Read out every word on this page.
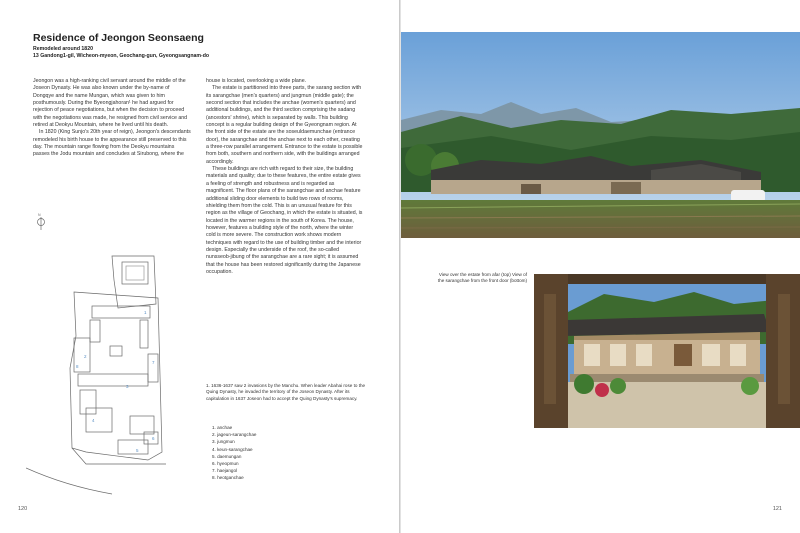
Residence of Jeongon Seonsaeng
Remodeled around 1820
13 Gandong1-gil, Wicheon-myeon, Geochang-gun, Gyeongsangnam-do

Jeongon was a high-ranking civil servant around the middle of the Joseon Dynasty. He was also known under the by-name of Dongqye and the name Mungan, which was given to him posthumously. During the Byeongjahoran¹ he had argued for rejection of peace negotiations, but when the decision to proceed with the negotiations was made, he resigned from civil service and retired at Deokyu Mountain, where he lived until his death.

In 1820 (King Sunjo's 20th year of reign), Jeongon's descendants remodeled his birth house to the appearance still preserved to this day. The mountain range flowing from the Deokyu mountains passes the Jodu mountain and concludes at Sirubong, where the

house is located, overlooking a wide plane.

The estate is partitioned into three parts, the sarang section with its sarangchae (men's quarters) and jungmun (middle gate); the second section that includes the anchae (women's quarters) and additional buildings, and the third section comprising the sadang (ancestors' shrine), which is separated by walls. This building concept is a regular building design of the Gyeongnam region. At the front side of the estate are the soseuldaemunchae (entrance door), the sarangchae and the anchae next to each other, creating a three-row parallel arrangement. Entrance to the estate is possible from both, southern and northern side, with the buildings arranged accordingly.

These buildings are rich with regard to their size, the building materials and quality; due to these features, the entire estate gives a feeling of strength and robustness and is regarded as magnificent. The floor plans of the sarangchae and anchae feature additional sliding door elements to build two rows of rooms, shielding them from the cold. This is an unusual feature for this region as the village of Geochang, in which the estate is situated, is located in the warmer regions in the south of Korea. The house, however, features a building style of the north, where the winter cold is more severe. The construction work shows modern techniques with regard to the use of building timber and the interior design. Especially the underside of the roof, the so-called nunsseob-jibung of the sarangchae are a rare sight; it is assumed that the house has been restored significantly during the Japanese occupation.

1
2
3
4
5
6
7
8
N
1. 1636-1637 saw 2 invasions by the Manchu. When leader Abahai rose to the Quing Dynasty, he invaded the territory of the Joseon Dynasty. After its capitulation in 1637 Joseon had to accept the Quing Dynasty's supremacy.
1. anchae
2. jageun-sarangchae
3. jungmun
4. keun-sarangchae
5. daemungan
6. hyeopmun
7. haejangol
8. heotganchae
120
View over the estate from afar (top) View of the sarangchae from the front door (bottom)
121
